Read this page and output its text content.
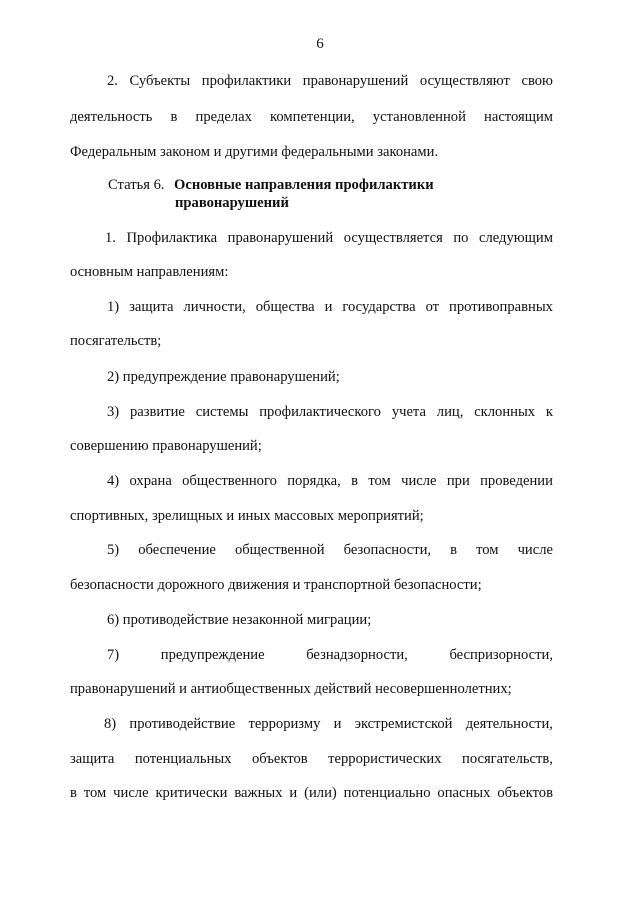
6
2. Субъекты профилактики правонарушений осуществляют свою
деятельность в пределах компетенции, установленной настоящим
Федеральным законом и другими федеральными законами.
Статья 6. Основные направления профилактики
правонарушений
1. Профилактика правонарушений осуществляется по следующим
основным направлениям:
1) защита личности, общества и государства от противоправных
посягательств;
2) предупреждение правонарушений;
3) развитие системы профилактического учета лиц, склонных к
совершению правонарушений;
4) охрана общественного порядка, в том числе при проведении
спортивных, зрелищных и иных массовых мероприятий;
5) обеспечение общественной безопасности, в том числе
безопасности дорожного движения и транспортной безопасности;
6) противодействие незаконной миграции;
7)	предупреждение	безнадзорности,	беспризорности,
правонарушений и антиобщественных действий несовершеннолетних;
8) противодействие терроризму и экстремистской деятельности,
защита потенциальных объектов террористических посягательств,
в том числе критически важных и (или) потенциально опасных объектов
